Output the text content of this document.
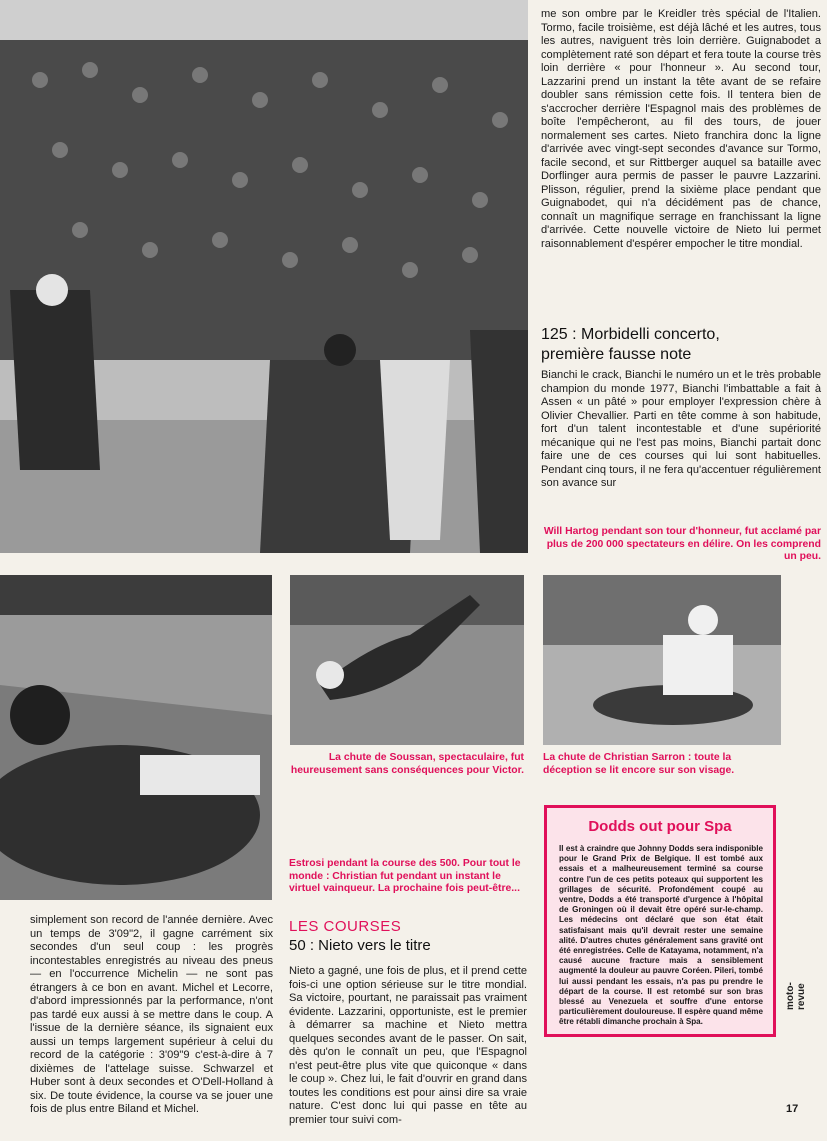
me son ombre par le Kreidler très spécial de l'Italien. Tormo, facile troisième, est déjà lâché et les autres, tous les autres, naviguent très loin derrière. Guignabodet a complètement raté son départ et fera toute la course très loin derrière « pour l'honneur ». Au second tour, Lazzarini prend un instant la tête avant de se refaire doubler sans rémission cette fois. Il tentera bien de s'accrocher derrière l'Espagnol mais des problèmes de boîte l'empêcheront, au fil des tours, de jouer normalement ses cartes. Nieto franchira donc la ligne d'arrivée avec vingt-sept secondes d'avance sur Tormo, facile second, et sur Rittberger auquel sa bataille avec Dorflinger aura permis de passer le pauvre Lazzarini. Plisson, régulier, prend la sixième place pendant que Guignabodet, qui n'a décidément pas de chance, connaît un magnifique serrage en franchissant la ligne d'arrivée. Cette nouvelle victoire de Nieto lui permet raisonnablement d'espérer empocher le titre mondial.

125 : Morbidelli concerto,
première fausse note

Bianchi le crack, Bianchi le numéro un et le très probable champion du monde 1977, Bianchi l'imbattable a fait à Assen « un pâté » pour employer l'expression chère à Olivier Chevallier. Parti en tête comme à son habitude, fort d'un talent incontestable et d'une supériorité mécanique qui ne l'est pas moins, Bianchi partait donc faire une de ces courses qui lui sont habituelles. Pendant cinq tours, il ne fera qu'accentuer régulièrement son avance sur

Will Hartog pendant son tour d'honneur, fut acclamé par plus de 200 000 spectateurs en délire. On les comprend un peu.
La chute de Soussan, spectaculaire, fut heureusement sans conséquences pour Victor.
La chute de Christian Sarron : toute la déception se lit encore sur son visage.
Estrosi pendant la course des 500. Pour tout le monde : Christian fut pendant un instant le virtuel vainqueur. La prochaine fois peut-être...

simplement son record de l'année dernière. Avec un temps de 3'09"2, il gagne carrément six secondes d'un seul coup : les progrès incontestables enregistrés au niveau des pneus — en l'occurrence Michelin — ne sont pas étrangers à ce bon en avant. Michel et Lecorre, d'abord impressionnés par la performance, n'ont pas tardé eux aussi à se mettre dans le coup. A l'issue de la dernière séance, ils signaient eux aussi un temps largement supérieur à celui du record de la catégorie : 3'09"9 c'est-à-dire à 7 dixièmes de l'attelage suisse. Schwarzel et Huber sont à deux secondes et O'Dell-Holland à six. De toute évidence, la course va se jouer une fois de plus entre Biland et Michel.

LES COURSES
50 : Nieto vers le titre

Nieto a gagné, une fois de plus, et il prend cette fois-ci une option sérieuse sur le titre mondial. Sa victoire, pourtant, ne paraissait pas vraiment évidente. Lazzarini, opportuniste, est le premier à démarrer sa machine et Nieto mettra quelques secondes avant de le passer. On sait, dès qu'on le connaît un peu, que l'Espagnol n'est peut-être plus vite que quiconque « dans le coup ». Chez lui, le fait d'ouvrir en grand dans toutes les conditions est pour ainsi dire sa vraie nature. C'est donc lui qui passe en tête au premier tour suivi com-

Dodds out pour Spa
Il est à craindre que Johnny Dodds sera indisponible pour le Grand Prix de Belgique. Il est tombé aux essais et a malheureusement terminé sa course contre l'un de ces petits poteaux qui supportent les grillages de sécurité. Profondément coupé au ventre, Dodds a été transporté d'urgence à l'hôpital de Groningen où il devait être opéré sur-le-champ. Les médecins ont déclaré que son état était satisfaisant mais qu'il devrait rester une semaine alité. D'autres chutes généralement sans gravité ont été enregistrées. Celle de Katayama, notamment, n'a causé aucune fracture mais a sensiblement augmenté la douleur au pauvre Coréen. Pileri, tombé lui aussi pendant les essais, n'a pas pu prendre le départ de la course. Il est retombé sur son bras blessé au Venezuela et souffre d'une entorse particulièrement douloureuse. Il espère quand même être rétabli dimanche prochain à Spa.
moto-revue
17
